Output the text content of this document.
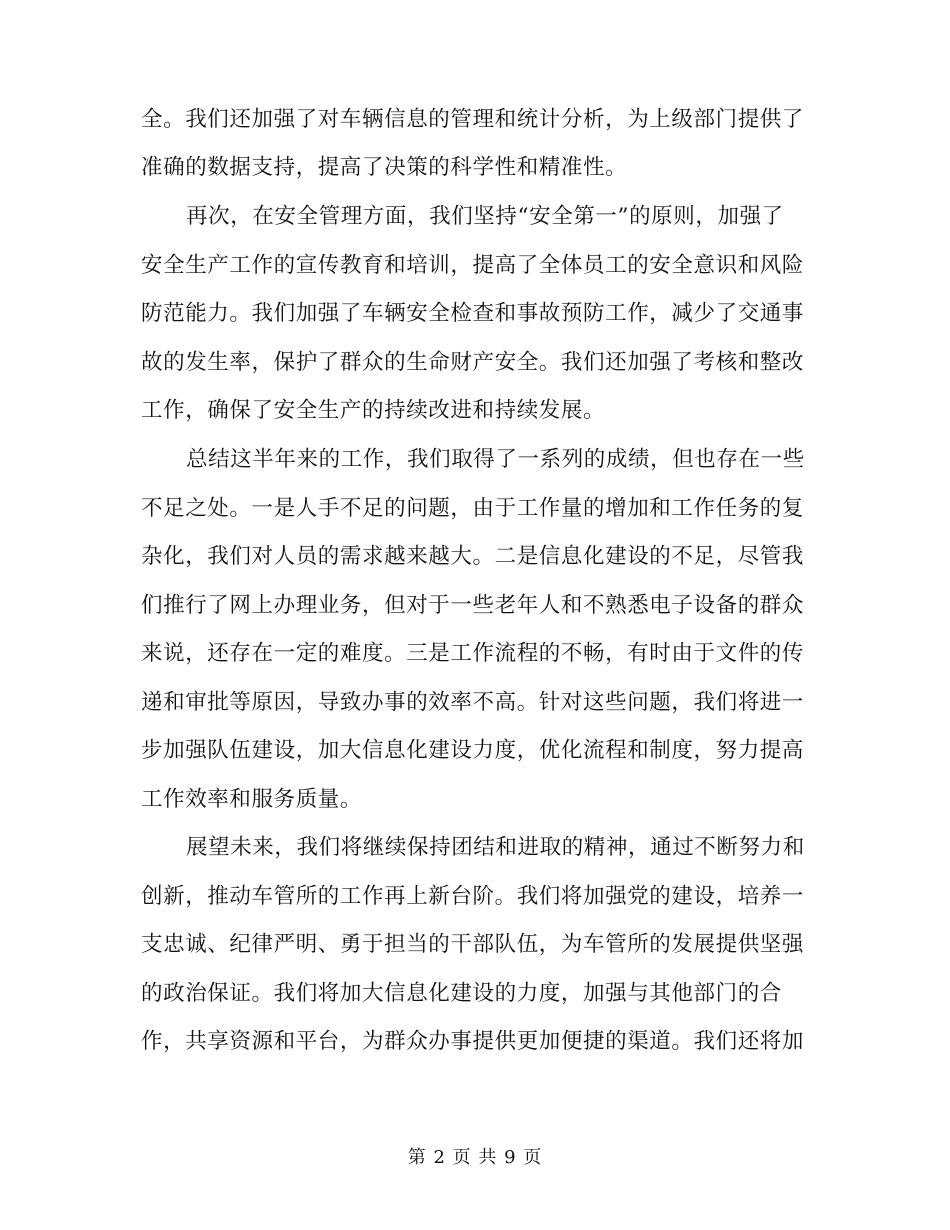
全。我们还加强了对车辆信息的管理和统计分析，为上级部门提供了
准确的数据支持，提高了决策的科学性和精准性。
再次，在安全管理方面，我们坚持“安全第一”的原则，加强了
安全生产工作的宣传教育和培训，提高了全体员工的安全意识和风险
防范能力。我们加强了车辆安全检查和事故预防工作，减少了交通事
故的发生率，保护了群众的生命财产安全。我们还加强了考核和整改
工作，确保了安全生产的持续改进和持续发展。
总结这半年来的工作，我们取得了一系列的成绩，但也存在一些
不足之处。一是人手不足的问题，由于工作量的增加和工作任务的复
杂化，我们对人员的需求越来越大。二是信息化建设的不足，尽管我
们推行了网上办理业务，但对于一些老年人和不熟悉电子设备的群众
来说，还存在一定的难度。三是工作流程的不畅，有时由于文件的传
递和审批等原因，导致办事的效率不高。针对这些问题，我们将进一
步加强队伍建设，加大信息化建设力度，优化流程和制度，努力提高
工作效率和服务质量。
展望未来，我们将继续保持团结和进取的精神，通过不断努力和
创新，推动车管所的工作再上新台阶。我们将加强党的建设，培养一
支忠诚、纪律严明、勇于担当的干部队伍，为车管所的发展提供坚强
的政治保证。我们将加大信息化建设的力度，加强与其他部门的合
作，共享资源和平台，为群众办事提供更加便捷的渠道。我们还将加
第 2 页 共 9 页
